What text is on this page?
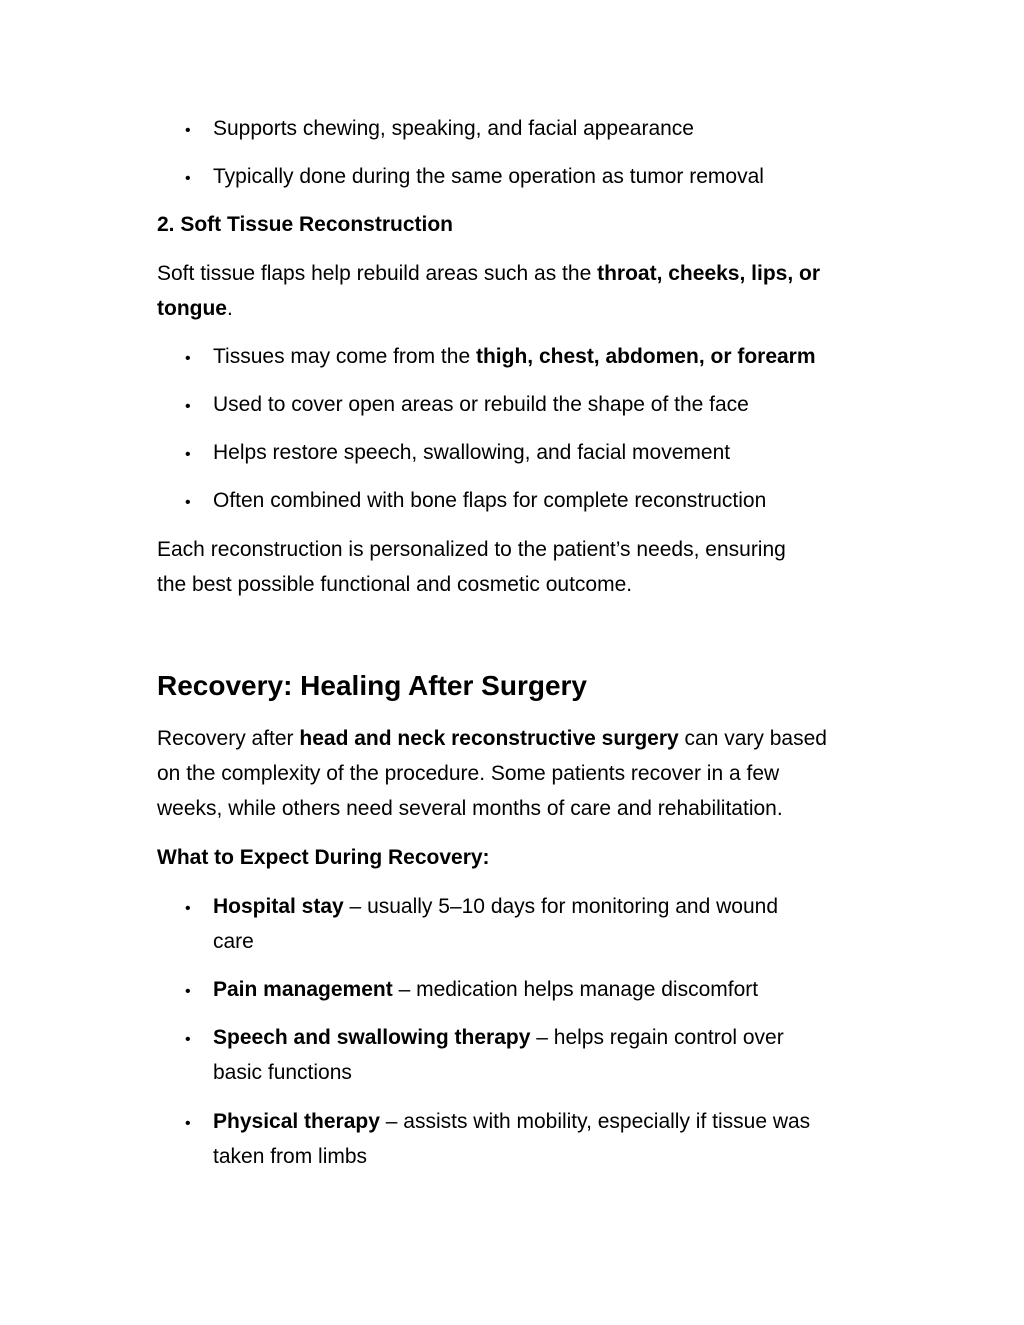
• Supports chewing, speaking, and facial appearance
• Typically done during the same operation as tumor removal
2. Soft Tissue Reconstruction
Soft tissue flaps help rebuild areas such as the throat, cheeks, lips, or
tongue.
• Tissues may come from the thigh, chest, abdomen, or forearm
• Used to cover open areas or rebuild the shape of the face
• Helps restore speech, swallowing, and facial movement
• Often combined with bone flaps for complete reconstruction
Each reconstruction is personalized to the patient’s needs, ensuring
the best possible functional and cosmetic outcome.
Recovery: Healing After Surgery
Recovery after head and neck reconstructive surgery can vary based
on the complexity of the procedure. Some patients recover in a few
weeks, while others need several months of care and rehabilitation.
What to Expect During Recovery:
• Hospital stay – usually 5–10 days for monitoring and wound
care
• Pain management – medication helps manage discomfort
• Speech and swallowing therapy – helps regain control over
basic functions
• Physical therapy – assists with mobility, especially if tissue was
taken from limbs
